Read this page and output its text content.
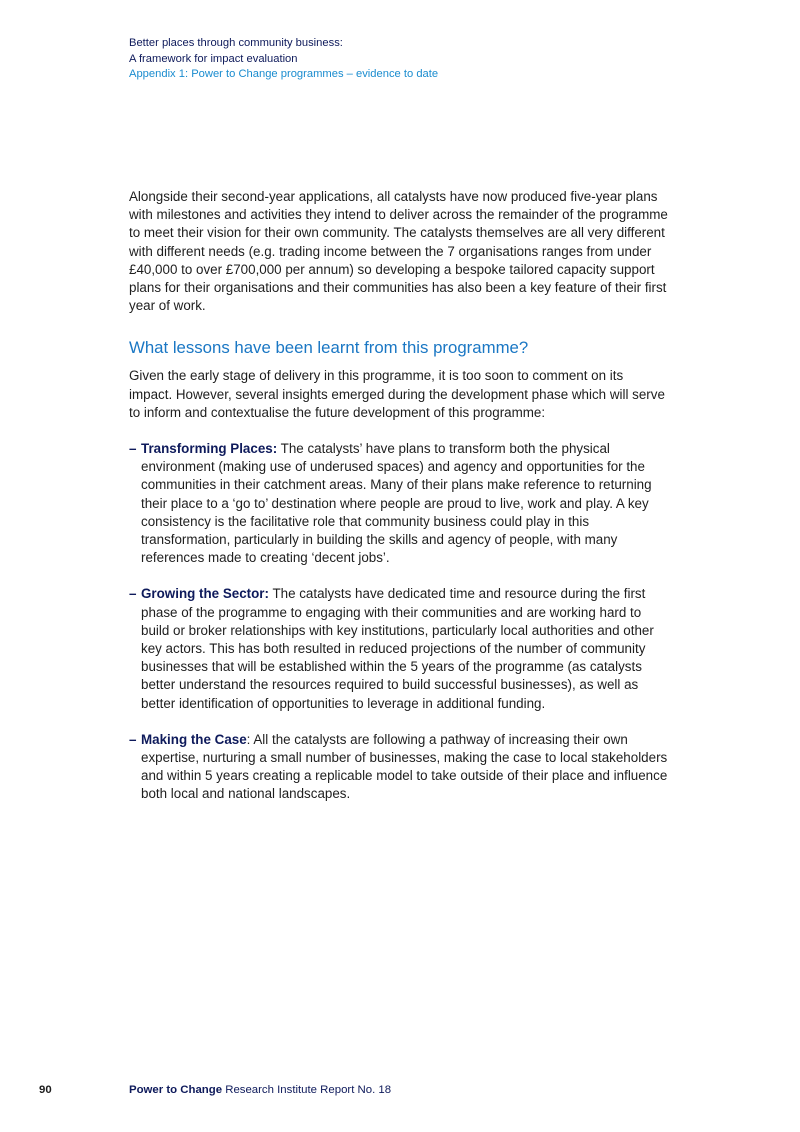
Better places through community business:
A framework for impact evaluation
Appendix 1: Power to Change programmes – evidence to date

Alongside their second-year applications, all catalysts have now produced five-year plans with milestones and activities they intend to deliver across the remainder of the programme to meet their vision for their own community. The catalysts themselves are all very different with different needs (e.g. trading income between the 7 organisations ranges from under £40,000 to over £700,000 per annum) so developing a bespoke tailored capacity support plans for their organisations and their communities has also been a key feature of their first year of work.

What lessons have been learnt from this programme?

Given the early stage of delivery in this programme, it is too soon to comment on its impact. However, several insights emerged during the development phase which will serve to inform and contextualise the future development of this programme:

– Transforming Places: The catalysts’ have plans to transform both the physical environment (making use of underused spaces) and agency and opportunities for the communities in their catchment areas. Many of their plans make reference to returning their place to a ‘go to’ destination where people are proud to live, work and play. A key consistency is the facilitative role that community business could play in this transformation, particularly in building the skills and agency of people, with many references made to creating ‘decent jobs’.
– Growing the Sector: The catalysts have dedicated time and resource during the first phase of the programme to engaging with their communities and are working hard to build or broker relationships with key institutions, particularly local authorities and other key actors. This has both resulted in reduced projections of the number of community businesses that will be established within the 5 years of the programme (as catalysts better understand the resources required to build successful businesses), as well as better identification of opportunities to leverage in additional funding.
– Making the Case: All the catalysts are following a pathway of increasing their own expertise, nurturing a small number of businesses, making the case to local stakeholders and within 5 years creating a replicable model to take outside of their place and influence both local and national landscapes.
90	Power to Change Research Institute Report No. 18
